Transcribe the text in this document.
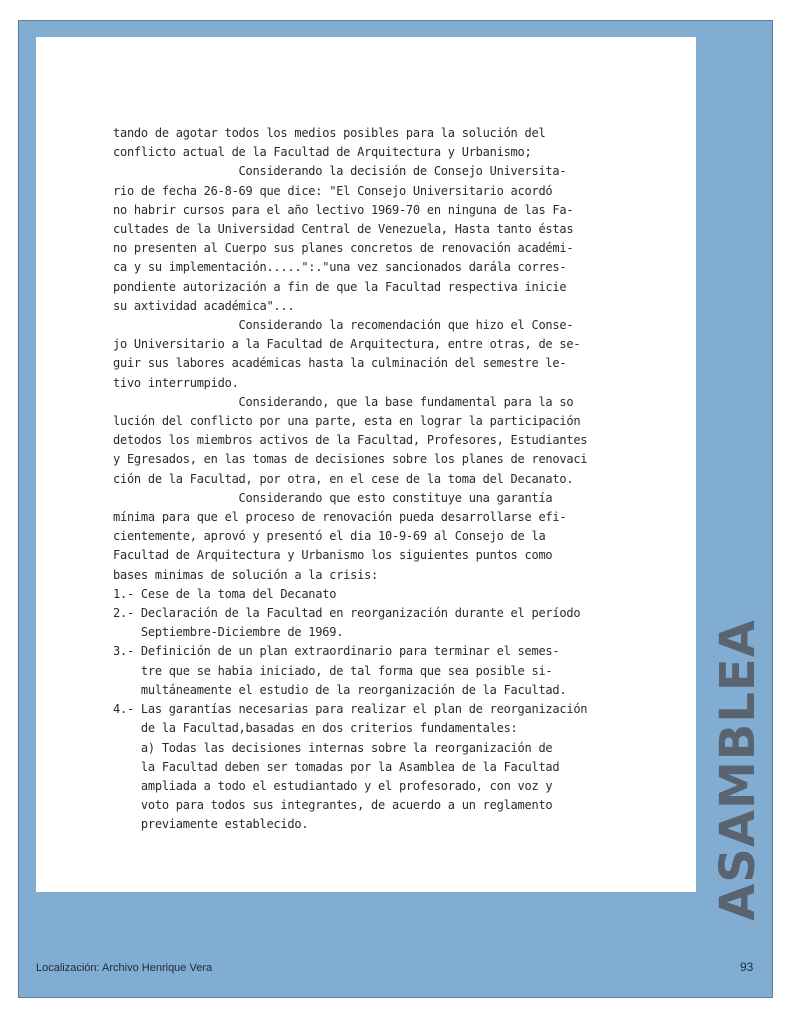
tando de agotar todos los medios posibles para la solución del
conflicto actual de la Facultad de Arquitectura y Urbanismo;
Considerando la decisión de Consejo Universita-
rio de fecha 26-8-69 que dice: "El Consejo Universitario acordó
no habrir cursos para el año lectivo 1969-70 en ninguna de las Fa-
cultades de la Universidad Central de Venezuela, Hasta tanto éstas
no presenten al Cuerpo sus planes concretos de renovación académi-
ca y su implementación.....":."una vez sancionados darála corres-
pondiente autorización a fin de que la Facultad respectiva inicie
su axtividad académica"...
Considerando la recomendación que hizo el Conse-
jo Universitario a la Facultad de Arquitectura, entre otras, de se-
guir sus labores académicas hasta la culminación del semestre le-
tivo interrumpido.
Considerando, que la base fundamental para la so
lución del conflicto por una parte, esta en lograr la participación
detodos los miembros activos de la Facultad, Profesores, Estudiantes
y Egresados, en las tomas de decisiones sobre los planes de renovaci
ción de la Facultad, por otra, en el cese de la toma del Decanato.
Considerando que esto constituye una garantía
mínima para que el proceso de renovación pueda desarrollarse efi-
cientemente, aprovó y presentó el dia 10-9-69 al Consejo de la
Facultad de Arquitectura y Urbanismo los siguientes puntos como
bases minimas de solución a la crisis:
1.- Cese de la toma del Decanato
2.- Declaración de la Facultad en reorganización durante el período
Septiembre-Diciembre de 1969.
3.- Definición de un plan extraordinario para terminar el semes-
tre que se habia iniciado, de tal forma que sea posible si-
multáneamente el estudio de la reorganización de la Facultad.
4.- Las garantías necesarias para realizar el plan de reorganización
de la Facultad,basadas en dos criterios fundamentales:
a) Todas las decisiones internas sobre la reorganización de
la Facultad deben ser tomadas por la Asamblea de la Facultad
ampliada a todo el estudiantado y el profesorado, con voz y
voto para todos sus integrantes, de acuerdo a un reglamento
previamente establecido.	ASAMBLEA
Localización: Archivo Henrique Vera	93
